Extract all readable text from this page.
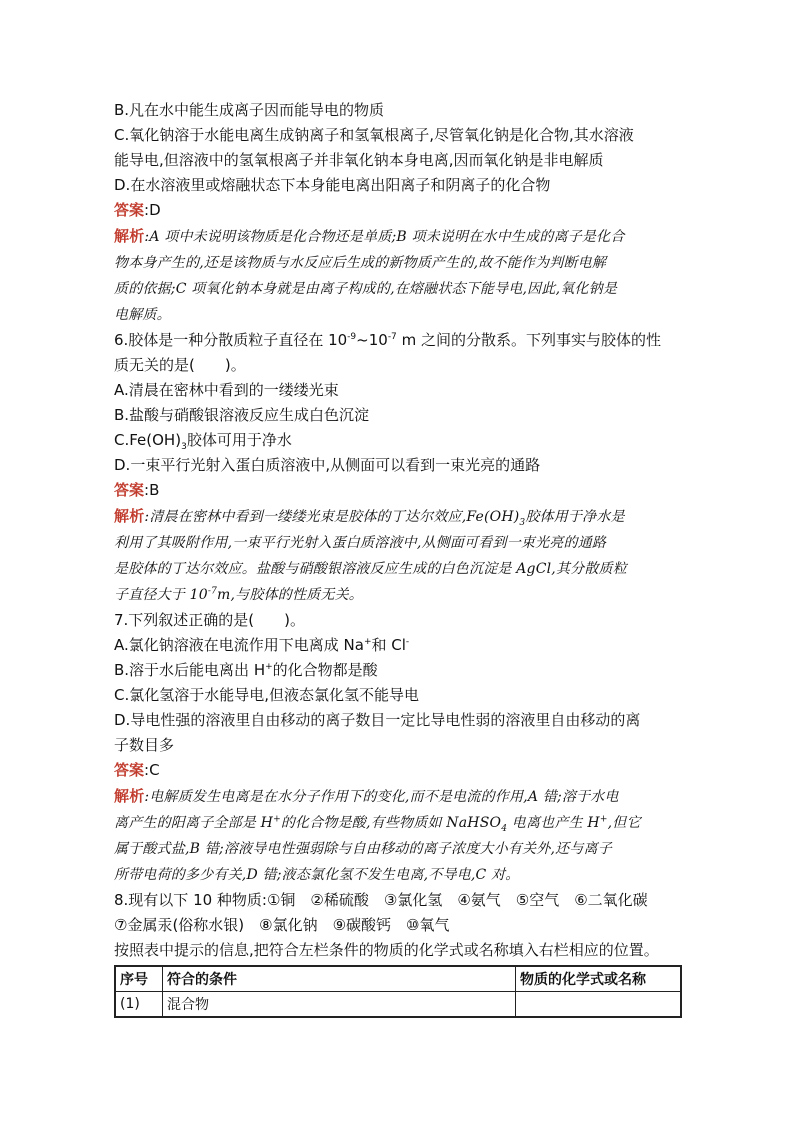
B.凡在水中能生成离子因而能导电的物质
C.氧化钠溶于水能电离生成钠离子和氢氧根离子,尽管氧化钠是化合物,其水溶液
能导电,但溶液中的氢氧根离子并非氧化钠本身电离,因而氧化钠是非电解质
D.在水溶液里或熔融状态下本身能电离出阳离子和阴离子的化合物
答案:D
解析:A 项中未说明该物质是化合物还是单质;B 项未说明在水中生成的离子是化合
物本身产生的,还是该物质与水反应后生成的新物质产生的,故不能作为判断电解
质的依据;C 项氧化钠本身就是由离子构成的,在熔融状态下能导电,因此,氧化钠是
电解质。
6.胶体是一种分散质粒子直径在 $10^{-9}\sim 10^{-7}$ m 之间的分散系。下列事实与胶体的性
质无关的是(　　)。
A.清晨在密林中看到的一缕缕光束
B.盐酸与硝酸银溶液反应生成白色沉淀
$C.Fe(OH)_3$胶体可用于净水
D.一束平行光射入蛋白质溶液中,从侧面可以看到一束光亮的通路
答案:B
解析:清晨在密林中看到一缕缕光束是胶体的丁达尔效应$,Fe(OH)_3$胶体用于净水是
利用了其吸附作用,一束平行光射入蛋白质溶液中,从侧面可看到一束光亮的通路
是胶体的丁达尔效应。盐酸与硝酸银溶液反应生成的白色沉淀是 AgCl,其分散质粒
子直径大于 $10^{-7}m$,与胶体的性质无关。
7.下列叙述正确的是(　　)。
A.氯化钠溶液在电流作用下电离成 Na+和 Cl-
B.溶于水后能电离出 H+的化合物都是酸
C.氯化氢溶于水能导电,但液态氯化氢不能导电
D.导电性强的溶液里自由移动的离子数目一定比导电性弱的溶液里自由移动的离
子数目多
答案:C
解析:电解质发生电离是在水分子作用下的变化,而不是电流的作用,A 错;溶于水电
离产生的阳离子全部是 H+的化合物是酸,有些物质如 NaHSO$_4$ 电离也产生 H+,但它
属于酸式盐,B 错;溶液导电性强弱除与自由移动的离子浓度大小有关外,还与离子
所带电荷的多少有关,D 错;液态氯化氢不发生电离,不导电,C 对。
8.现有以下 10 种物质:①铜　②稀硫酸　③氯化氢　④氨气　⑤空气　⑥二氧化碳
⑦金属汞(俗称水银)　⑧氯化钠　⑨碳酸钙　⑩氧气
按照表中提示的信息,把符合左栏条件的物质的化学式或名称填入右栏相应的位置。
序号	符合的条件	物质的化学式或名称
(1)	混合物	
